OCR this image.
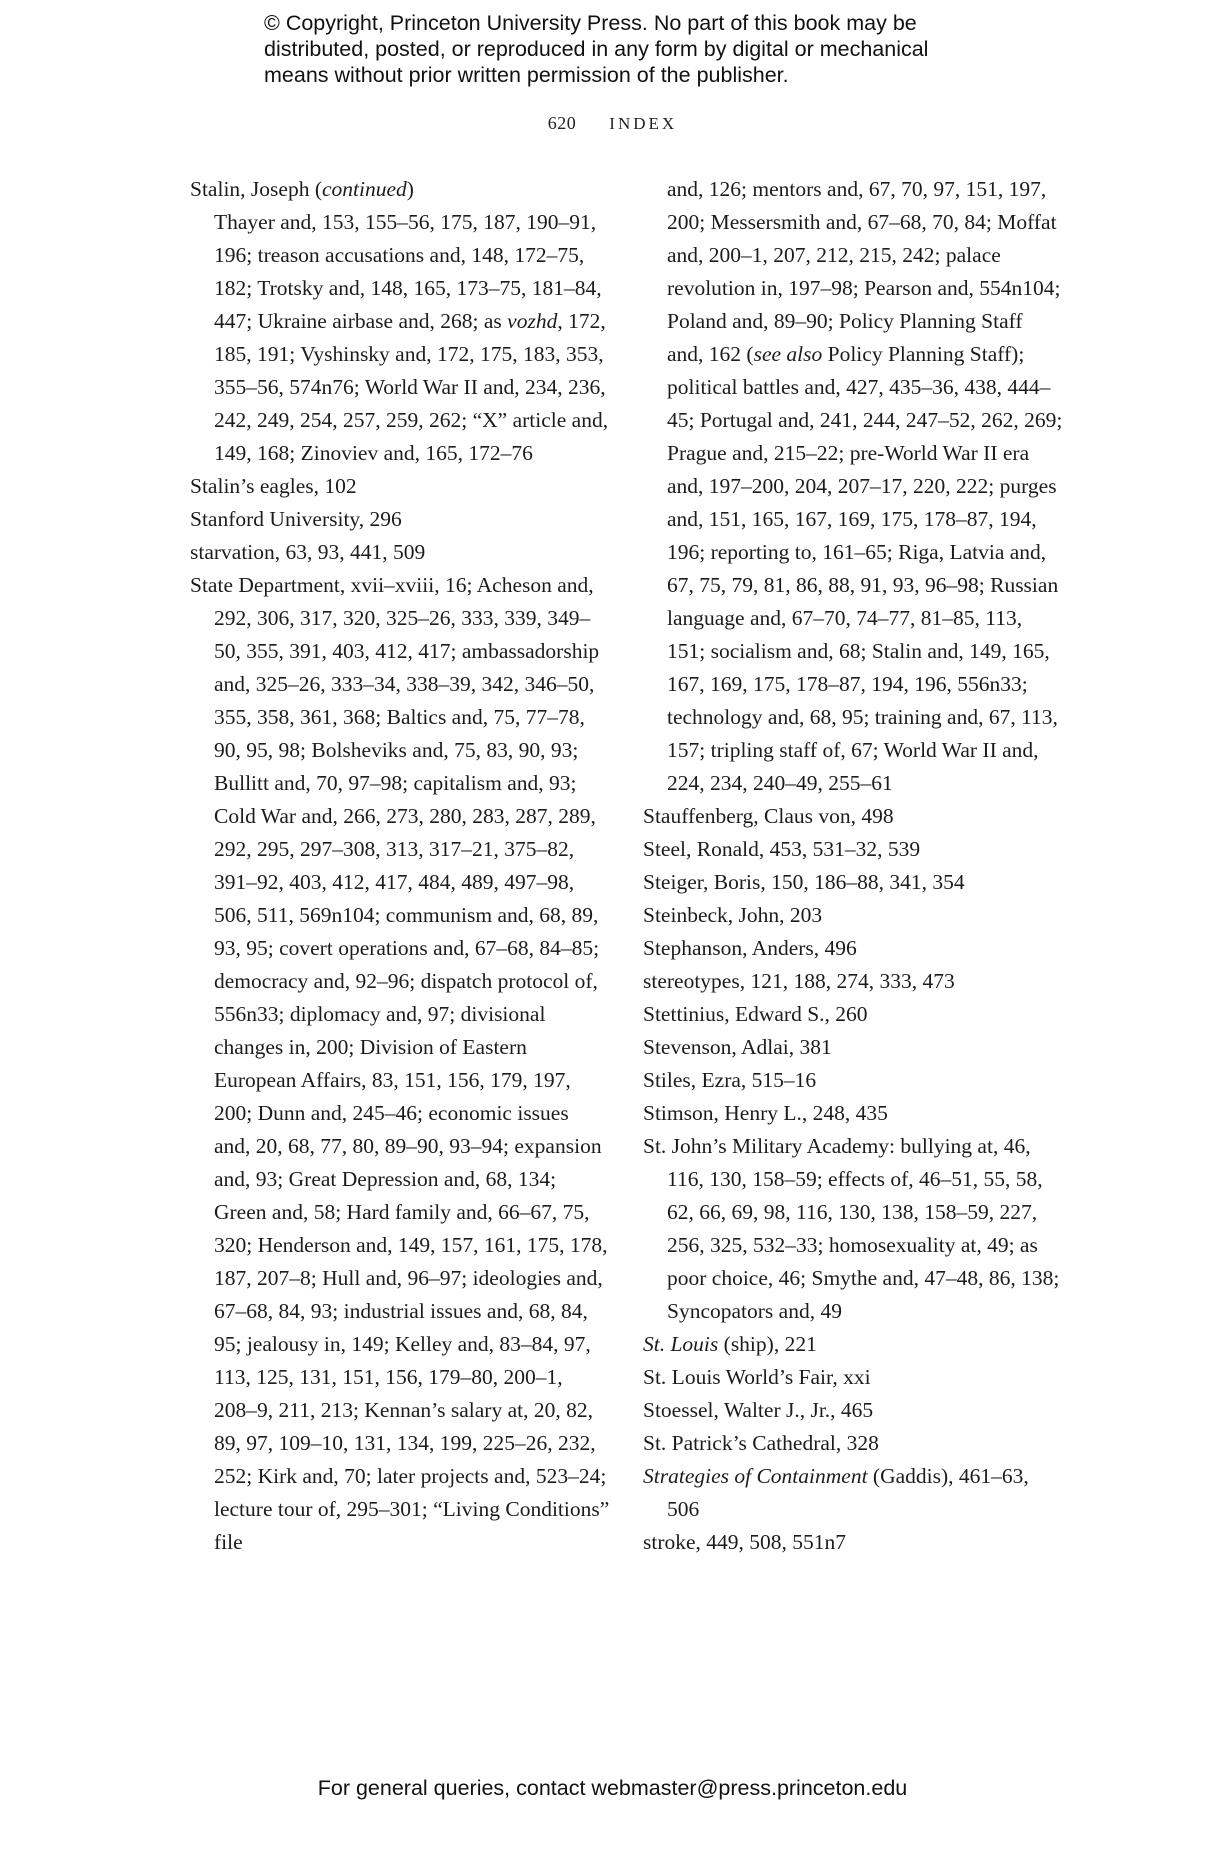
© Copyright, Princeton University Press. No part of this book may be
distributed, posted, or reproduced in any form by digital or mechanical
means without prior written permission of the publisher.
620 INDEX

Stalin, Joseph (continued)

Thayer and, 153, 155–56, 175, 187, 190–91, 196; treason accusations and, 148, 172–75, 182; Trotsky and, 148, 165, 173–75, 181–84, 447; Ukraine airbase and, 268; as vozhd, 172, 185, 191; Vyshinsky and, 172, 175, 183, 353, 355–56, 574n76; World War II and, 234, 236, 242, 249, 254, 257, 259, 262; “X” article and, 149, 168; Zinoviev and, 165, 172–76

Stalin’s eagles, 102

Stanford University, 296

starvation, 63, 93, 441, 509

State Department, xvii–xviii, 16; Acheson and, 292, 306, 317, 320, 325–26, 333, 339, 349–50, 355, 391, 403, 412, 417; ambassadorship and, 325–26, 333–34, 338–39, 342, 346–50, 355, 358, 361, 368; Baltics and, 75, 77–78, 90, 95, 98; Bolsheviks and, 75, 83, 90, 93; Bullitt and, 70, 97–98; capitalism and, 93; Cold War and, 266, 273, 280, 283, 287, 289, 292, 295, 297–308, 313, 317–21, 375–82, 391–92, 403, 412, 417, 484, 489, 497–98, 506, 511, 569n104; communism and, 68, 89, 93, 95; covert operations and, 67–68, 84–85; democracy and, 92–96; dispatch protocol of, 556n33; diplomacy and, 97; divisional changes in, 200; Division of Eastern European Affairs, 83, 151, 156, 179, 197, 200; Dunn and, 245–46; economic issues and, 20, 68, 77, 80, 89–90, 93–94; expansion and, 93; Great Depression and, 68, 134; Green and, 58; Hard family and, 66–67, 75, 320; Henderson and, 149, 157, 161, 175, 178, 187, 207–8; Hull and, 96–97; ideologies and, 67–68, 84, 93; industrial issues and, 68, 84, 95; jealousy in, 149; Kelley and, 83–84, 97, 113, 125, 131, 151, 156, 179–80, 200–1, 208–9, 211, 213; Kennan’s salary at, 20, 82, 89, 97, 109–10, 131, 134, 199, 225–26, 232, 252; Kirk and, 70; later projects and, 523–24; lecture tour of, 295–301; “Living Conditions” file

and, 126; mentors and, 67, 70, 97, 151, 197, 200; Messersmith and, 67–68, 70, 84; Moffat and, 200–1, 207, 212, 215, 242; palace revolution in, 197–98; Pearson and, 554n104; Poland and, 89–90; Policy Planning Staff and, 162 (see also Policy Planning Staff); political battles and, 427, 435–36, 438, 444–45; Portugal and, 241, 244, 247–52, 262, 269; Prague and, 215–22; pre-World War II era and, 197–200, 204, 207–17, 220, 222; purges and, 151, 165, 167, 169, 175, 178–87, 194, 196; reporting to, 161–65; Riga, Latvia and, 67, 75, 79, 81, 86, 88, 91, 93, 96–98; Russian language and, 67–70, 74–77, 81–85, 113, 151; socialism and, 68; Stalin and, 149, 165, 167, 169, 175, 178–87, 194, 196, 556n33; technology and, 68, 95; training and, 67, 113, 157; tripling staff of, 67; World War II and, 224, 234, 240–49, 255–61

Stauffenberg, Claus von, 498

Steel, Ronald, 453, 531–32, 539

Steiger, Boris, 150, 186–88, 341, 354

Steinbeck, John, 203

Stephanson, Anders, 496

stereotypes, 121, 188, 274, 333, 473

Stettinius, Edward S., 260

Stevenson, Adlai, 381

Stiles, Ezra, 515–16

Stimson, Henry L., 248, 435

St. John’s Military Academy: bullying at, 46, 116, 130, 158–59; effects of, 46–51, 55, 58, 62, 66, 69, 98, 116, 130, 138, 158–59, 227, 256, 325, 532–33; homosexuality at, 49; as poor choice, 46; Smythe and, 47–48, 86, 138; Syncopators and, 49

St. Louis (ship), 221

St. Louis World’s Fair, xxi

Stoessel, Walter J., Jr., 465

St. Patrick’s Cathedral, 328

Strategies of Containment (Gaddis), 461–63, 506

stroke, 449, 508, 551n7

For general queries, contact webmaster@press.princeton.edu
